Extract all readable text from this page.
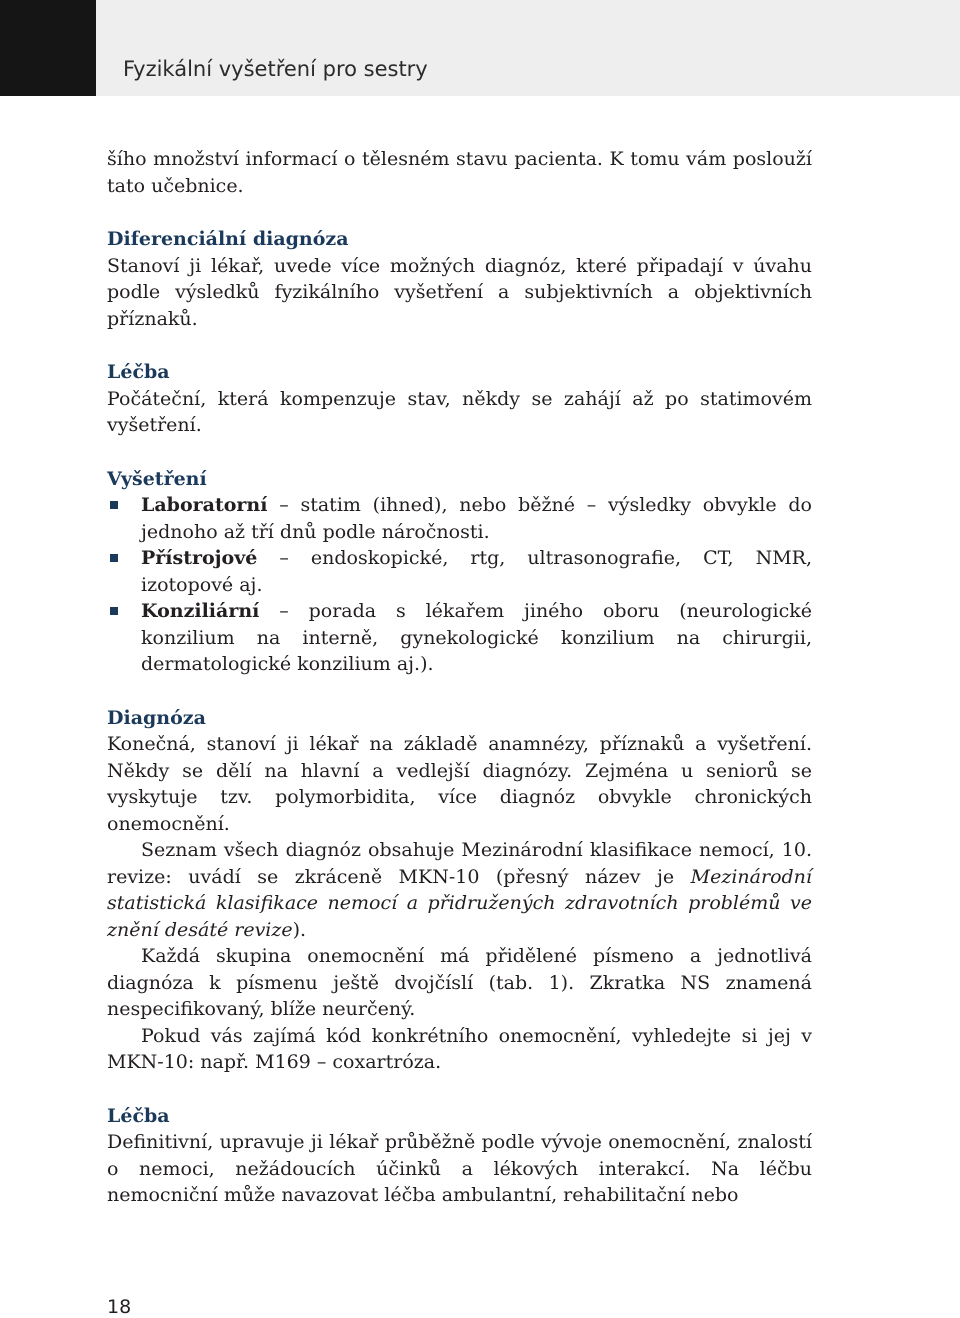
Fyzikální vyšetření pro sestry

šího množství informací o tělesném stavu pacienta. K tomu vám poslouží tato učebnice.

Diferenciální diagnóza

Stanoví ji lékař, uvede více možných diagnóz, které připadají v úvahu podle výsledků fyzikálního vyšetření a subjektivních a objektivních příznaků.

Léčba

Počáteční, která kompenzuje stav, někdy se zahájí až po statimovém vyšetření.

Vyšetření

Laboratorní – statim (ihned), nebo běžné – výsledky obvykle do jednoho až tří dnů podle náročnosti.
Přístrojové – endoskopické, rtg, ultrasonografie, CT, NMR, izotopové aj.
Konziliární – porada s lékařem jiného oboru (neurologické konzilium na interně, gynekologické konzilium na chirurgii, dermatologické konzilium aj.).

Diagnóza

Konečná, stanoví ji lékař na základě anamnézy, příznaků a vyšetření. Někdy se dělí na hlavní a vedlejší diagnózy. Zejména u seniorů se vyskytuje tzv. polymorbidita, více diagnóz obvykle chronických onemocnění.

Seznam všech diagnóz obsahuje Mezinárodní klasifikace nemocí, 10. revize: uvádí se zkráceně MKN-10 (přesný název je Mezinárodní statistická klasifikace nemocí a přidružených zdravotních problémů ve znění desáté revize).

Každá skupina onemocnění má přidělené písmeno a jednotlivá diagnóza k písmenu ještě dvojčíslí (tab. 1). Zkratka NS znamená nespecifikovaný, blíže neurčený.

Pokud vás zajímá kód konkrétního onemocnění, vyhledejte si jej v MKN-10: např. M169 – coxartróza.

Léčba

Definitivní, upravuje ji lékař průběžně podle vývoje onemocnění, znalostí o nemoci, nežádoucích účinků a lékových interakcí. Na léčbu nemocniční může navazovat léčba ambulantní, rehabilitační nebo

18
